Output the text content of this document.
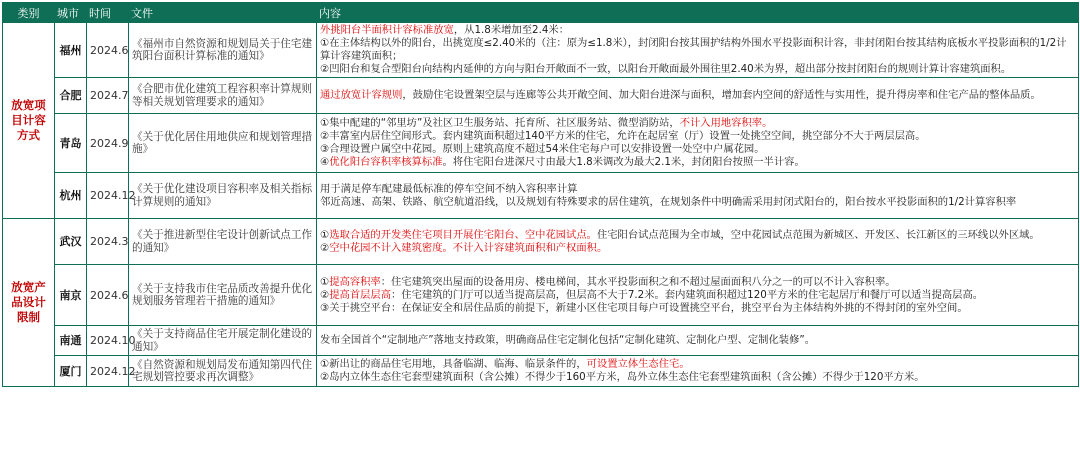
类别	城市	时间	文件	内容
放宽项目计容方式	福州	2024.6	《福州市自然资源和规划局关于住宅建筑阳台面积计算标准的通知》	外挑阳台半面积计容标准放宽，从1.8米增加至2.4米：
①在主体结构以外的阳台，出挑宽度≤2.40米的（注：原为≤1.8米），封闭阳台按其围护结构外围水平投影面积计容，非封闭阳台按其结构底板水平投影面积的1/2计算计容建筑面积；
②凹阳台和复合型阳台向结构内延伸的方向与阳台开敞面不一致，以阳台开敞面最外围往里2.40米为界，超出部分按封闭阳台的规则计算计容建筑面积。

	合肥	2024.7	《合肥市优化建筑工程容积率计算规则等相关规划管理要求的通知》	通过放宽计容规则，鼓励住宅设置架空层与连廊等公共开敞空间、加大阳台进深与面积，增加套内空间的舒适性与实用性，提升得房率和住宅产品的整体品质。

	青岛	2024.9	《关于优化居住用地供应和规划管理措施》	①集中配建的“邻里坊”及社区卫生服务站、托育所、社区服务站、微型消防站，不计入用地容积率。
②丰富室内居住空间形式。套内建筑面积超过140平方米的住宅，允许在起居室（厅）设置一处挑空空间，挑空部分不大于两层层高。
③合理设置户属空中花园。原则上建筑高度不超过54米住宅每户可以安排设置一处空中户属花园。
④优化阳台容积率核算标准。将住宅阳台进深尺寸由最大1.8米调改为最大2.1米，封闭阳台按照一半计容。

	杭州	2024.12	《关于优化建设项目容积率及相关指标计算规则的通知》	用于满足停车配建最低标准的停车空间不纳入容积率计算
邻近高速、高架、铁路、航空航道沿线，以及规划有特殊要求的居住建筑，在规划条件中明确需采用封闭式阳台的，阳台按水平投影面积的1/2计算容积率

放宽产品设计限制	武汉	2024.3	《关于推进新型住宅设计创新试点工作的通知》	①选取合适的开发类住宅项目开展住宅阳台、空中花园试点。住宅阳台试点范围为全市域，空中花园试点范围为新城区、开发区、长江新区的三环线以外区域。
②空中花园不计入建筑密度。不计入计容建筑面积和产权面积。

	南京	2024.6	《关于支持我市住宅品质改善提升优化规划服务管理若干措施的通知》	①提高容积率：住宅建筑突出屋面的设备用房、楼电梯间，其水平投影面积之和不超过屋面面积八分之一的可以不计入容积率。
②提高首层层高：住宅建筑的门厅可以适当提高层高，但层高不大于7.2米。套内建筑面积超过120平方米的住宅起居厅和餐厅可以适当提高层高。
③关于挑空平台：在保证安全和居住品质的前提下，新建小区住宅项目每户可设置挑空平台，挑空平台为主体结构外挑的不得封闭的室外空间。

	南通	2024.10	《关于支持商品住宅开展定制化建设的通知》	发布全国首个“定制地产”落地支持政策，明确商品住宅定制化包括“定制化建筑、定制化户型、定制化装修”。

	厦门	2024.12	《自然资源和规划局发布通知第四代住宅规划管控要求再次调整》	①新出让的商品住宅用地，具备临湖、临海、临景条件的，可设置立体生态住宅。
②岛内立体生态住宅套型建筑面积（含公摊）不得少于160平方米，岛外立体生态住宅套型建筑面积（含公摊）不得少于120平方米。
